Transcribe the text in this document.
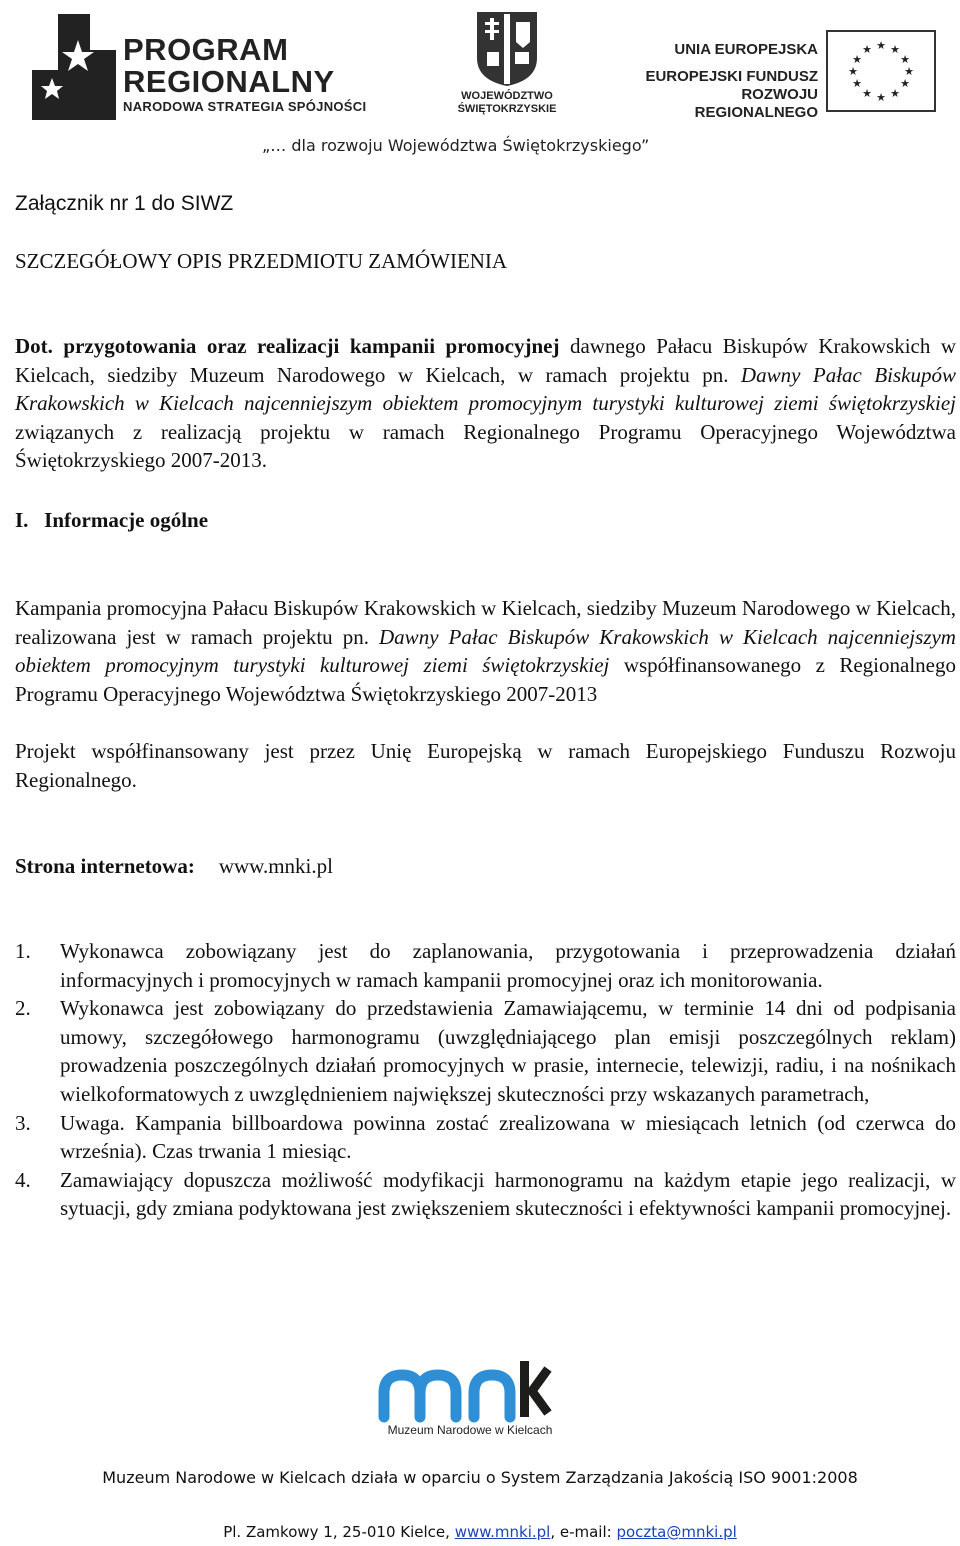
PROGRAM
REGIONALNY
NARODOWA STRATEGIA SPÓJNOŚCI
WOJEWÓDZTWO
ŚWIĘTOKRZYSKIE
UNIA EUROPEJSKA
EUROPEJSKI FUNDUSZ
ROZWOJU REGIONALNEGO
★ ★
★
★
★
★
★
★
★
★
★
★
„… dla rozwoju Województwa Świętokrzyskiego”
Załącznik nr 1 do SIWZ
SZCZEGÓŁOWY OPIS PRZEDMIOTU ZAMÓWIENIA
Dot. przygotowania oraz realizacji kampanii promocyjnej dawnego Pałacu Biskupów Krakowskich w Kielcach, siedziby Muzeum Narodowego w Kielcach, w ramach projektu pn. Dawny Pałac Biskupów Krakowskich w Kielcach najcenniejszym obiektem promocyjnym turystyki kulturowej ziemi świętokrzyskiej związanych z realizacją projektu w ramach Regionalnego Programu Operacyjnego Województwa Świętokrzyskiego 2007-2013.
I.   Informacje ogólne
Kampania promocyjna Pałacu Biskupów Krakowskich w Kielcach, siedziby Muzeum Narodowego w Kielcach, realizowana jest w ramach projektu pn. Dawny Pałac Biskupów Krakowskich w Kielcach najcenniejszym obiektem promocyjnym turystyki kulturowej ziemi świętokrzyskiej współfinansowanego z Regionalnego Programu Operacyjnego Województwa Świętokrzyskiego 2007-2013
Projekt współfinansowany jest przez Unię Europejską w ramach Europejskiego Funduszu Rozwoju Regionalnego.
Strona internetowa: www.mnki.pl
1. Wykonawca zobowiązany jest do zaplanowania, przygotowania i przeprowadzenia działań informacyjnych i promocyjnych w ramach kampanii promocyjnej oraz ich monitorowania.
2. Wykonawca jest zobowiązany do przedstawienia Zamawiającemu, w terminie 14 dni od podpisania umowy, szczegółowego harmonogramu (uwzględniającego plan emisji poszczególnych reklam) prowadzenia poszczególnych działań promocyjnych w prasie, internecie, telewizji, radiu, i na nośnikach wielkoformatowych z uwzględnieniem największej skuteczności przy wskazanych parametrach,
3. Uwaga. Kampania billboardowa powinna zostać zrealizowana w miesiącach letnich (od czerwca do września). Czas trwania 1 miesiąc.
4. Zamawiający dopuszcza możliwość modyfikacji harmonogramu na każdym etapie jego realizacji, w sytuacji, gdy zmiana podyktowana jest zwiększeniem skuteczności i efektywności kampanii promocyjnej.
Muzeum Narodowe w Kielcach
Muzeum Narodowe w Kielcach działa w oparciu o System Zarządzania Jakością ISO 9001:2008
Pl. Zamkowy 1, 25-010 Kielce, www.mnki.pl, e-mail: poczta@mnki.pl
